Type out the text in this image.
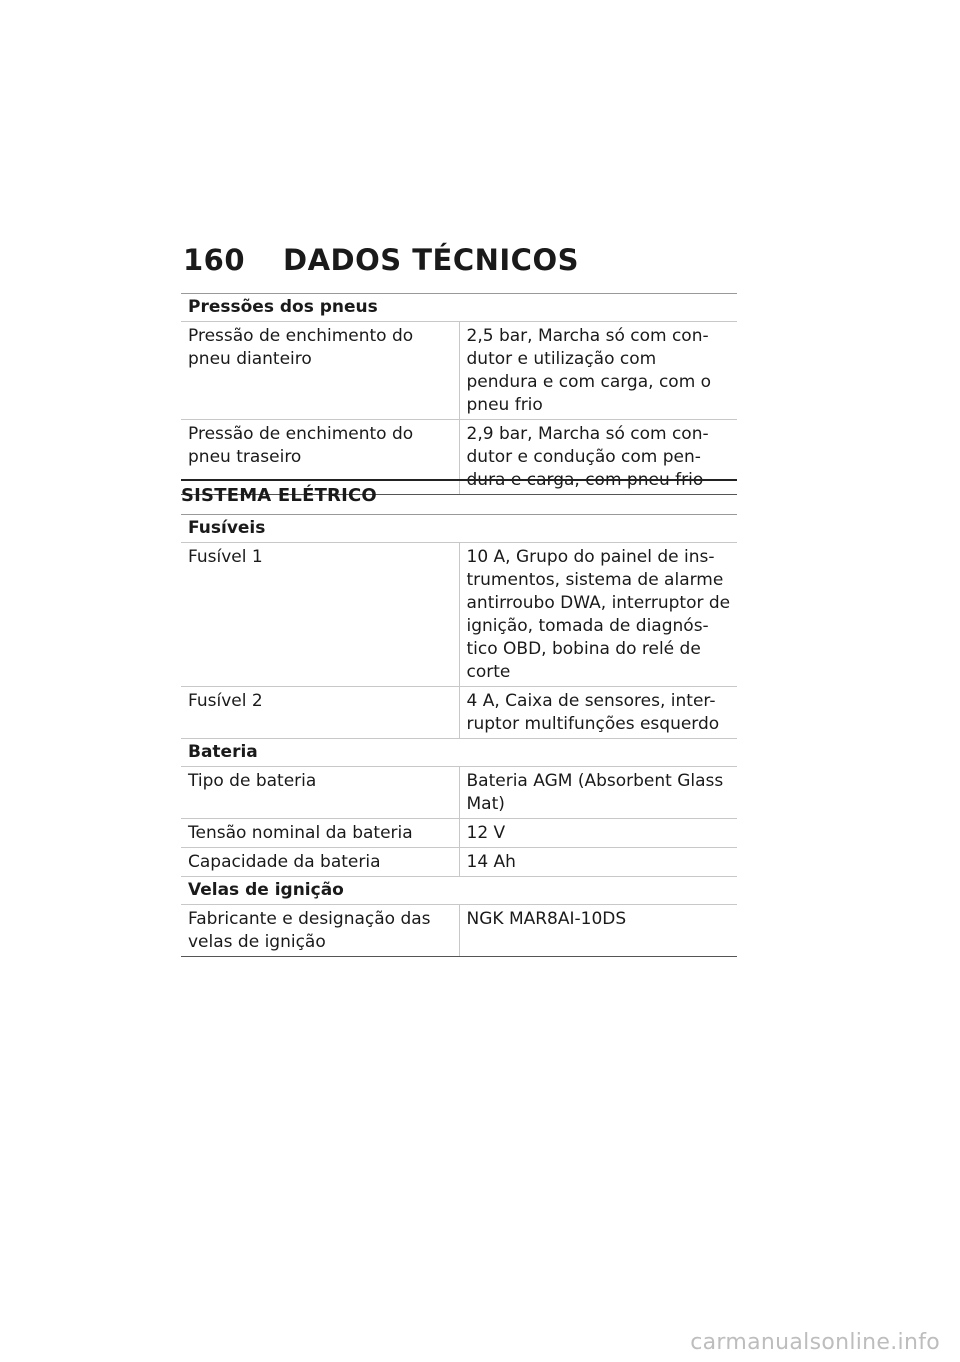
160 DADOS TÉCNICOS
Pressões dos pneus	
Pressão de enchimento do pneu dianteiro	2,5 bar, Marcha só com con-dutor e utilização com pendura e com carga, com o pneu frio
Pressão de enchimento do pneu traseiro	2,9 bar, Marcha só com con-dutor e condução com pen-dura e carga, com pneu frio
SISTEMA ELÉTRICO
Fusíveis	
Fusível 1	10 A, Grupo do painel de ins-trumentos, sistema de alarme antirroubo DWA, interruptor de ignição, tomada de diagnós-tico OBD, bobina do relé de corte
Fusível 2	4 A, Caixa de sensores, inter-ruptor multifunções esquerdo
Bateria	
Tipo de bateria	Bateria AGM (Absorbent Glass Mat)
Tensão nominal da bateria	12 V
Capacidade da bateria	14 Ah
Velas de ignição	
Fabricante e designação das velas de ignição	NGK MAR8AI-10DS
carmanualsonline.info
